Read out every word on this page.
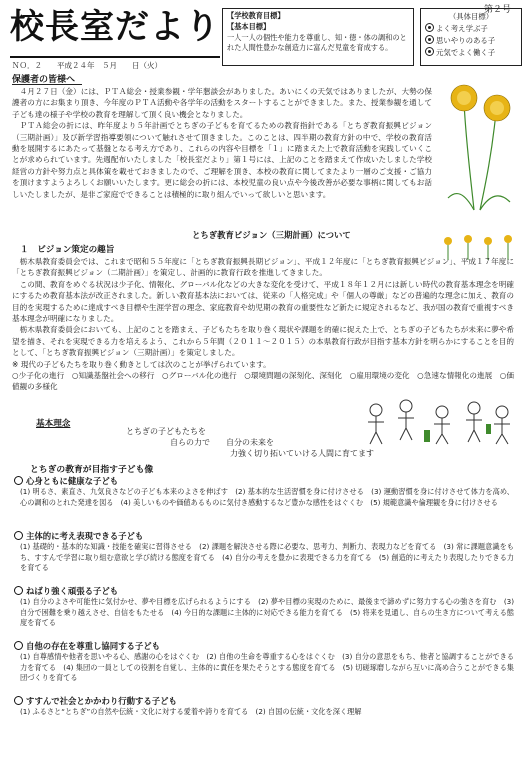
第２号
校長室だより
ＮＯ．２　　平成２４年　５月　　日（火）
【学校教育目標】
【基本目標】
一人一人の個性や能力を尊重し、知・徳・体の調和のとれた人間性豊かな創造力に富んだ児童を育成する。
（具体目標）
よく考え学ぶ子
思いやりのある子
元気でよく働く子
保護者の皆様へ

４月２７日（金）には、ＰＴＡ総会・授業参観・学年懇談会がありました。あいにくの天気ではありましたが、大勢の保護者の方にお集まり頂き、今年度のＰＴＡ活動や各学年の活動をスタートすることができました。また、授業参観を通して子ども達の様子や学校の教育を理解して頂く良い機会となりました。

ＰＴＡ総会の折には、昨年度より５年計画でとちぎの子どもを育てるための教育指針である「とちぎ教育振興ビジョン（三期計画）」及び新学習指導要領について触れさせて頂きました。このことは、四半期の教育方針の中で、学校の教育活動を展開するにあたって基盤となる考え方であり、これらの内容や目標を「１」に踏まえた上で教育活動を実践していくことが求められています。先週配布いたしました「校長室だより」第１号には、上記のことを踏まえて作成いたしました学校経営の方針や努力点と具体策を載せておきましたので、ご理解を頂き、本校の教育に関してまたより一層のご支援・ご協力を頂けますようよろしくお願いいたします。更に総会の折には、本校児童の良い点や今後改善が必要な事柄に関してもお話しいたしましたが、是非ご家庭でできることは積極的に取り組んでいって欲しいと思います。

とちぎ教育ビジョン（三期計画）について
１　ビジョン策定の趣旨

栃木県教育委員会では、これまで昭和５５年度に「とちぎ教育振興長期ビジョン」、平成１２年度に「とちぎ教育振興ビジョン」、平成１７年度に「とちぎ教育振興ビジョン（二期計画）」を策定し、計画的に教育行政を推進してきました。

この間、教育をめぐる状況は少子化、情報化、グローバル化などの大きな変化を受けて、平成１８年１２月には新しい時代の教育基本理念を明確にするため教育基本法が改正されました。新しい教育基本法においては、従来の「人格完成」や「個人の尊厳」などの普遍的な理念に加え、教育の目的を実現するために達成すべき目標や生涯学習の理念、家庭教育や幼児期の教育の重要性など新たに規定されるなど、我が国の教育で重視すべき基本理念が明確になりました。

栃木県教育委員会においても、上記のことを踏まえ、子どもたちを取り巻く現状や課題を的確に捉えた上で、とちぎの子どもたちが未来に夢や希望を描き、それを実現できる力を培えるよう、これから５年間（２０１１～２０１５）の本県教育行政が目指す基本方針を明らかにすることを目的として、「とちぎ教育振興ビジョン（三期計画）」を策定しました。

※ 現代の子どもたちを取り巻く動きとしては次のことが挙げられています。

○少子化の進行　○知識基盤社会への移行　○グローバル化の進行　○環境問題の深刻化、深刻化　○雇用環境の変化　○急速な情報化の進展　○価値観の多様化

基本理念
とちぎの子どもたちを
自らの力で　　自分の未来を
力強く切り拓いていける人間に育てます
とちぎの教育が目指す子ども像
心身ともに健康な子ども
(1) 明るさ、素直さ、九気良さなどの子ども本来のよさを伸ばす　(2) 基本的な生活習慣を身に付けさせる　(3) 運動習慣を身に付けさせて体力を高め、心の調和のとれた発達を図る　(4) 美しいものや価値あるものに気付き感動するなど豊かな感性をはぐくむ　(5) 規範意識や倫理観を身に付けさせる
主体的に考え表現できる子ども
(1) 基礎的・基本的な知識・技能を確実に習得させる　(2) 課題を解決させる際に必要な、思考力、判断力、表現力などを育てる　(3) 常に課題意識をもち、すすんで学習に取り組む意欲と学び続ける態度を育てる　(4) 自分の考えを豊かに表現できる力を育てる　(5) 創造的に考えたり表現したりできる力を育てる
ねばり強く頑張る子ども
(1) 自分のよさや可能性に気付かせ、夢や目標を広げられるようにする　(2) 夢や目標の実現のために、最後まで諦めずに努力する心の強さを育む　(3) 自分で困難を乗り越えさせ、自信をもたせる　(4) 今日的な課題に主体的に対応できる能力を育てる　(5) 将来を見通し、自らの生き方について考える態度を育てる
自他の存在を尊重し協同する子ども
(1) 自尊感情や他者を思いやる心、感謝の心をはぐくむ　(2) 自他の生命を尊重する心をはぐくむ　(3) 自分の意思をもち、他者と協調することができる力を育てる　(4) 集団の一員としての役割を自覚し、主体的に責任を果たそうとする態度を育てる　(5) 切磋琢磨しながら互いに高め合うことができる集団づくりを育てる
すすんで社会とかかわり行動する子ども
(1) ふるさと“とちぎ”の自然や伝統・文化に対する愛着や誇りを育てる　(2) 自国の伝統・文化を深く理解
